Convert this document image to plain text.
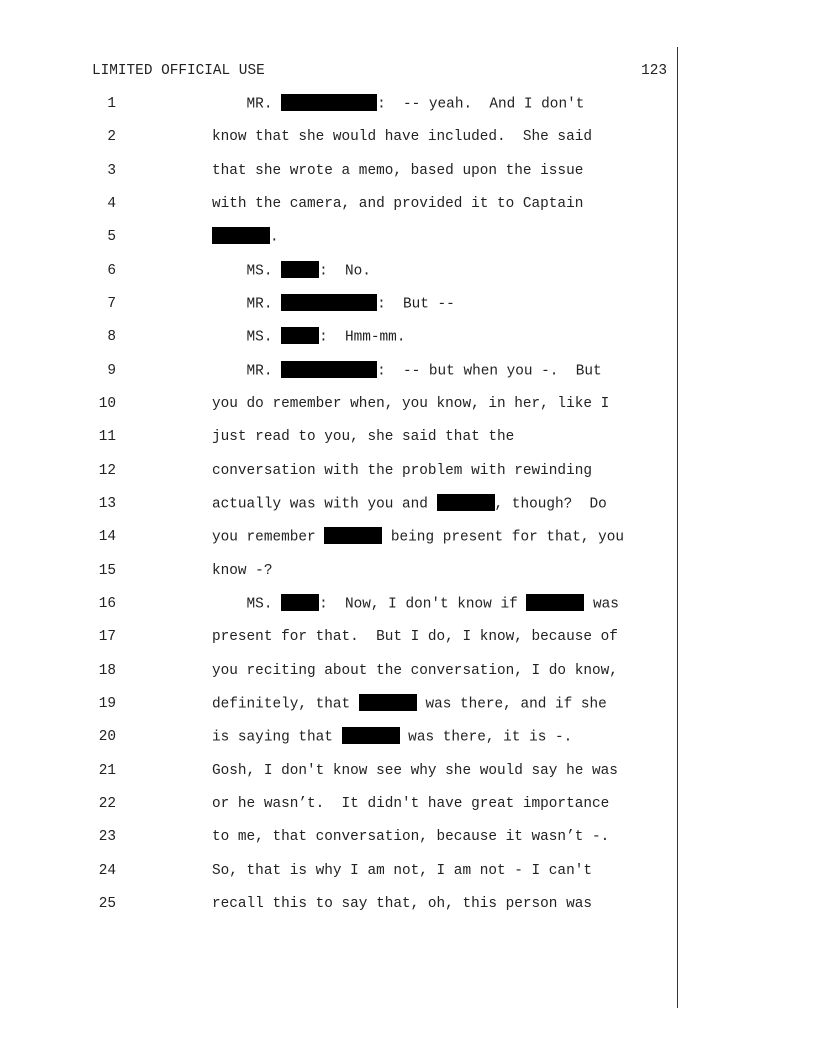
LIMITED OFFICIAL USE	123
1	MR.	:  -- yeah.  And I don't
2	know that she would have included.  She said
3	that she wrote a memo, based upon the issue
4	with the camera, and provided it to Captain
5	.
6	MS.	:  No.
7	MR.	:  But --
8	MS.	:  Hmm-mm.
9	MR.	:  -- but when you -.  But
10	you do remember when, you know, in her, like I
11	just read to you, she said that the
12	conversation with the problem with rewinding
13	actually was with you and	, though?  Do
14	you remember	being present for that, you
15	know -?
16	MS.	:  Now, I don't know if	was
17	present for that.  But I do, I know, because of
18	you reciting about the conversation, I do know,
19	definitely, that	was there, and if she
20	is saying that	was there, it is -.
21	Gosh, I don't know see why she would say he was
22	or he wasn’t.  It didn't have great importance
23	to me, that conversation, because it wasn’t -.
24	So, that is why I am not, I am not - I can't
25	recall this to say that, oh, this person was
